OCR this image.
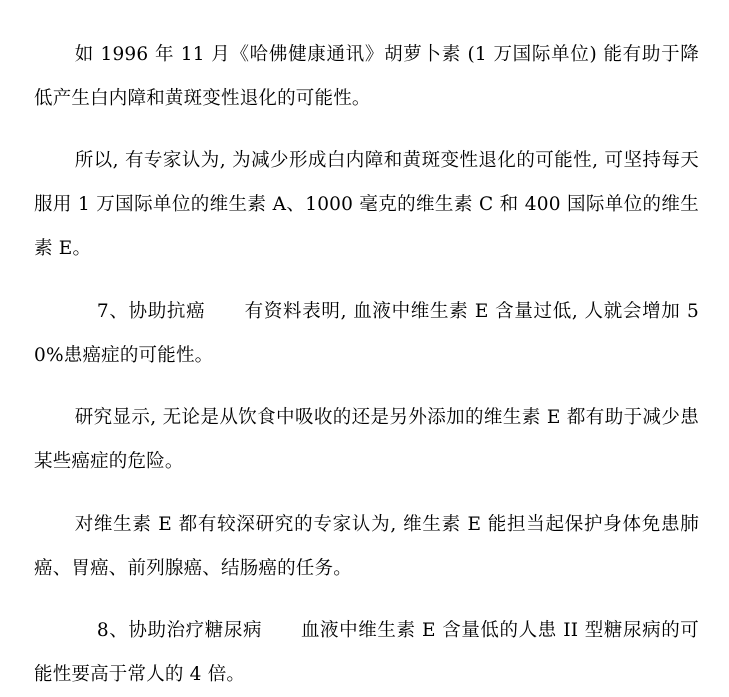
如 1996 年 11 月《哈佛健康通讯》胡萝卜素 (1 万国际单位) 能有助于降低产生白内障和黄斑变性退化的可能性。

所以, 有专家认为, 为减少形成白内障和黄斑变性退化的可能性, 可坚持每天服用 1 万国际单位的维生素 A、1000 毫克的维生素 C 和 400 国际单位的维生素 E。

7、协助抗癌      有资料表明, 血液中维生素 E 含量过低, 人就会增加 50%患癌症的可能性。

研究显示, 无论是从饮食中吸收的还是另外添加的维生素 E 都有助于减少患某些癌症的危险。

对维生素 E 都有较深研究的专家认为, 维生素 E 能担当起保护身体免患肺癌、胃癌、前列腺癌、结肠癌的任务。

8、协助治疗糖尿病      血液中维生素 E 含量低的人患 II 型糖尿病的可能性要高于常人的 4 倍。
